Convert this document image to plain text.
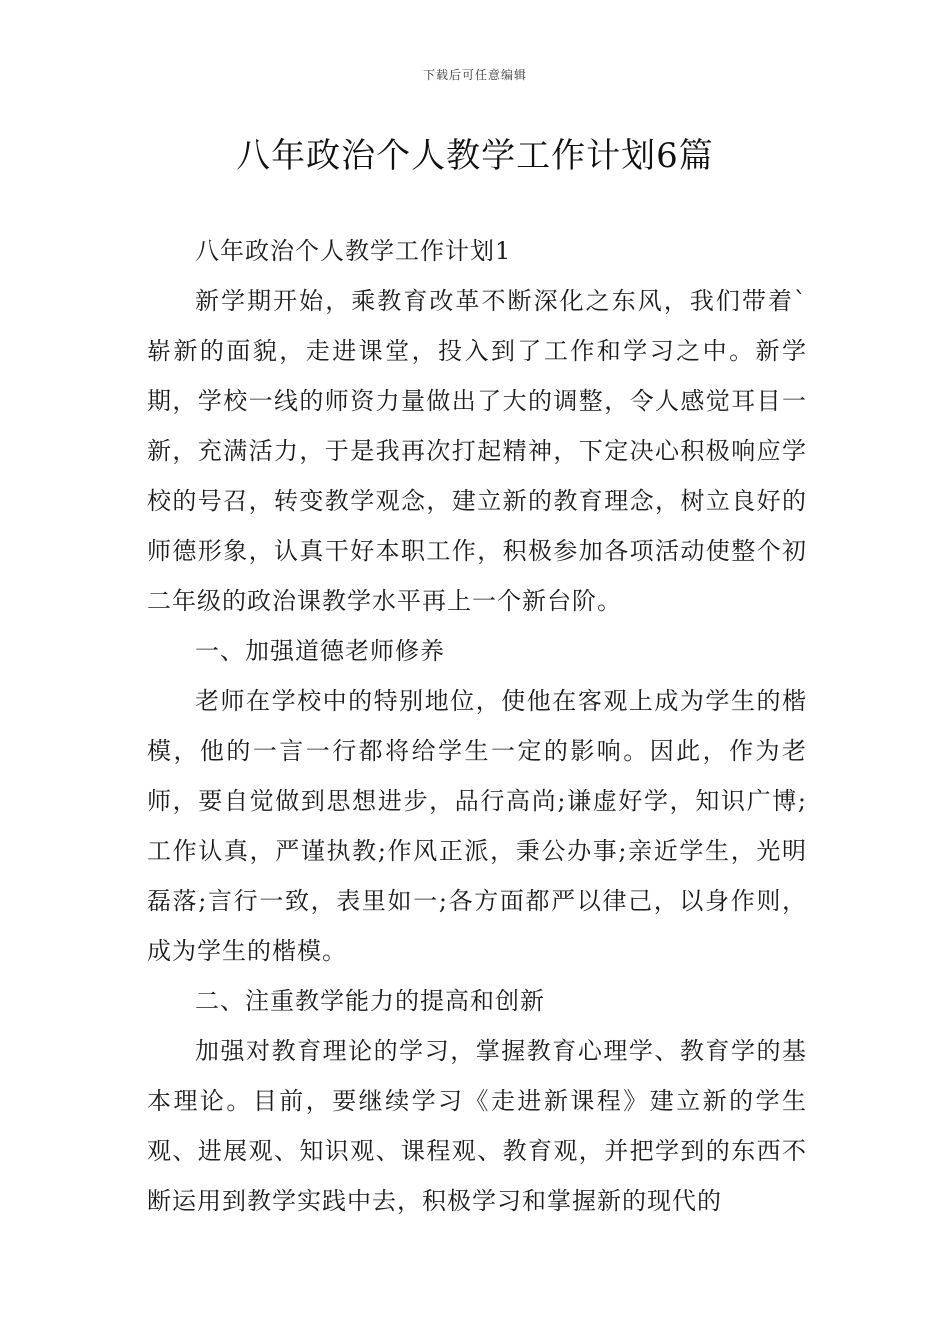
下载后可任意编辑
八年政治个人教学工作计划6篇

八年政治个人教学工作计划1

新学期开始，乘教育改革不断深化之东风，我们带着`崭新的面貌，走进课堂，投入到了工作和学习之中。新学期，学校一线的师资力量做出了大的调整，令人感觉耳目一新，充满活力，于是我再次打起精神，下定决心积极响应学校的号召，转变教学观念，建立新的教育理念，树立良好的师德形象，认真干好本职工作，积极参加各项活动使整个初二年级的政治课教学水平再上一个新台阶。

一、加强道德老师修养

老师在学校中的特别地位，使他在客观上成为学生的楷模，他的一言一行都将给学生一定的影响。因此，作为老师，要自觉做到思想进步，品行高尚;谦虚好学，知识广博;工作认真，严谨执教;作风正派，秉公办事;亲近学生，光明磊落;言行一致，表里如一;各方面都严以律己，以身作则，成为学生的楷模。

二、注重教学能力的提高和创新

加强对教育理论的学习，掌握教育心理学、教育学的基本理论。目前，要继续学习《走进新课程》建立新的学生观、进展观、知识观、课程观、教育观，并把学到的东西不断运用到教学实践中去，积极学习和掌握新的现代的
